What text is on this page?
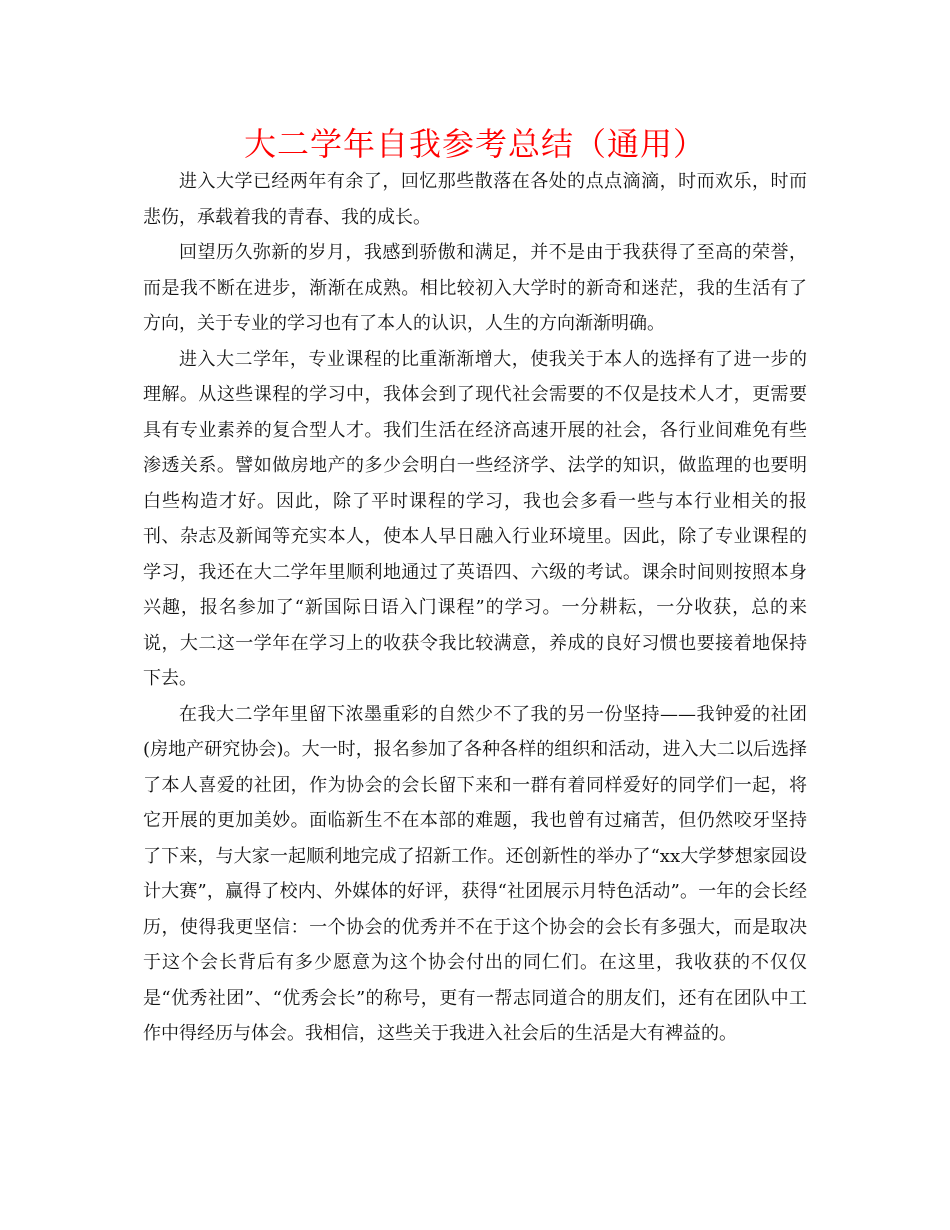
大二学年自我参考总结（通用）

进入大学已经两年有余了，回忆那些散落在各处的点点滴滴，时而欢乐，时而悲伤，承载着我的青春、我的成长。

回望历久弥新的岁月，我感到骄傲和满足，并不是由于我获得了至高的荣誉，而是我不断在进步，渐渐在成熟。相比较初入大学时的新奇和迷茫，我的生活有了方向，关于专业的学习也有了本人的认识，人生的方向渐渐明确。

进入大二学年，专业课程的比重渐渐增大，使我关于本人的选择有了进一步的理解。从这些课程的学习中，我体会到了现代社会需要的不仅是技术人才，更需要具有专业素养的复合型人才。我们生活在经济高速开展的社会，各行业间难免有些渗透关系。譬如做房地产的多少会明白一些经济学、法学的知识，做监理的也要明白些构造才好。因此，除了平时课程的学习，我也会多看一些与本行业相关的报刊、杂志及新闻等充实本人，使本人早日融入行业环境里。因此，除了专业课程的学习，我还在大二学年里顺利地通过了英语四、六级的考试。课余时间则按照本身兴趣，报名参加了“新国际日语入门课程”的学习。一分耕耘，一分收获，总的来说，大二这一学年在学习上的收获令我比较满意，养成的良好习惯也要接着地保持下去。

在我大二学年里留下浓墨重彩的自然少不了我的另一份坚持——我钟爱的社团(房地产研究协会)。大一时，报名参加了各种各样的组织和活动，进入大二以后选择了本人喜爱的社团，作为协会的会长留下来和一群有着同样爱好的同学们一起，将它开展的更加美妙。面临新生不在本部的难题，我也曾有过痛苦，但仍然咬牙坚持了下来，与大家一起顺利地完成了招新工作。还创新性的举办了“xx大学梦想家园设计大赛”，赢得了校内、外媒体的好评，获得“社团展示月特色活动”。一年的会长经历，使得我更坚信：一个协会的优秀并不在于这个协会的会长有多强大，而是取决于这个会长背后有多少愿意为这个协会付出的同仁们。在这里，我收获的不仅仅是“优秀社团”、“优秀会长”的称号，更有一帮志同道合的朋友们，还有在团队中工作中得经历与体会。我相信，这些关于我进入社会后的生活是大有裨益的。
